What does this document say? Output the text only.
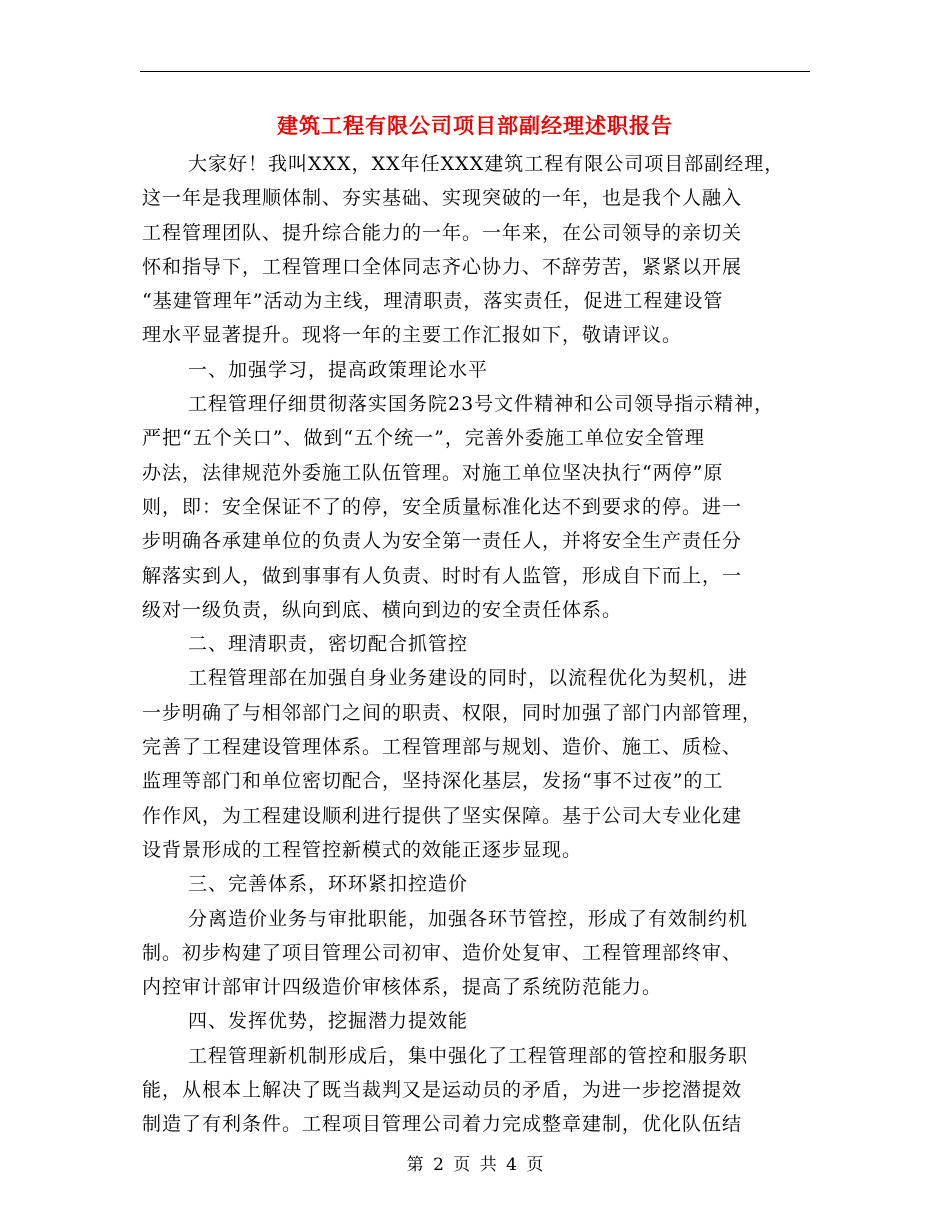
建筑工程有限公司项目部副经理述职报告
大家好！我叫XXX，XX年任XXX建筑工程有限公司项目部副经理，
这一年是我理顺体制、夯实基础、实现突破的一年，也是我个人融入
工程管理团队、提升综合能力的一年。一年来，在公司领导的亲切关
怀和指导下，工程管理口全体同志齐心协力、不辞劳苦，紧紧以开展
“基建管理年”活动为主线，理清职责，落实责任，促进工程建设管
理水平显著提升。现将一年的主要工作汇报如下，敬请评议。
一、加强学习，提高政策理论水平
工程管理仔细贯彻落实国务院23号文件精神和公司领导指示精神，
严把“五个关口”、做到“五个统一”，完善外委施工单位安全管理
办法，法律规范外委施工队伍管理。对施工单位坚决执行“两停”原
则，即：安全保证不了的停，安全质量标准化达不到要求的停。进一
步明确各承建单位的负责人为安全第一责任人，并将安全生产责任分
解落实到人，做到事事有人负责、时时有人监管，形成自下而上，一
级对一级负责，纵向到底、横向到边的安全责任体系。
二、理清职责，密切配合抓管控
工程管理部在加强自身业务建设的同时，以流程优化为契机，进
一步明确了与相邻部门之间的职责、权限，同时加强了部门内部管理，
完善了工程建设管理体系。工程管理部与规划、造价、施工、质检、
监理等部门和单位密切配合，坚持深化基层，发扬“事不过夜”的工
作作风，为工程建设顺利进行提供了坚实保障。基于公司大专业化建
设背景形成的工程管控新模式的效能正逐步显现。
三、完善体系，环环紧扣控造价
分离造价业务与审批职能，加强各环节管控，形成了有效制约机
制。初步构建了项目管理公司初审、造价处复审、工程管理部终审、
内控审计部审计四级造价审核体系，提高了系统防范能力。
四、发挥优势，挖掘潜力提效能
工程管理新机制形成后，集中强化了工程管理部的管控和服务职
能，从根本上解决了既当裁判又是运动员的矛盾，为进一步挖潜提效
制造了有利条件。工程项目管理公司着力完成整章建制，优化队伍结
第 2 页 共 4 页
